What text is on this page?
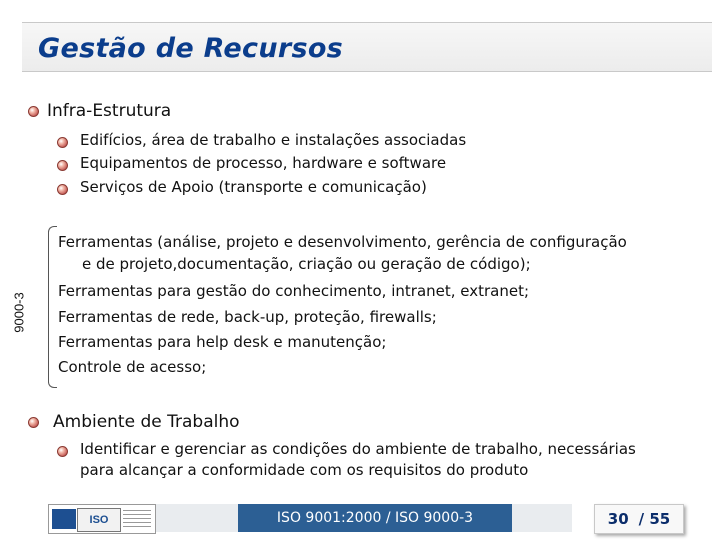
Gestão de Recursos
Infra-Estrutura
Edifícios, área de trabalho e instalações associadas
Equipamentos de processo, hardware e software
Serviços de Apoio (transporte e comunicação)
9000-3
Ferramentas (análise, projeto e desenvolvimento, gerência de configuração
e de projeto,documentação, criação ou geração de código);
Ferramentas para gestão do conhecimento, intranet, extranet;
Ferramentas de rede, back-up, proteção, firewalls;
Ferramentas para help desk e manutenção;
Controle de acesso;
Ambiente de Trabalho
Identificar e gerenciar as condições do ambiente de trabalho, necessárias
para alcançar a conformidade com os requisitos do produto
ISO	ISO 9001:2000 / ISO 9000-3	30 / 55
